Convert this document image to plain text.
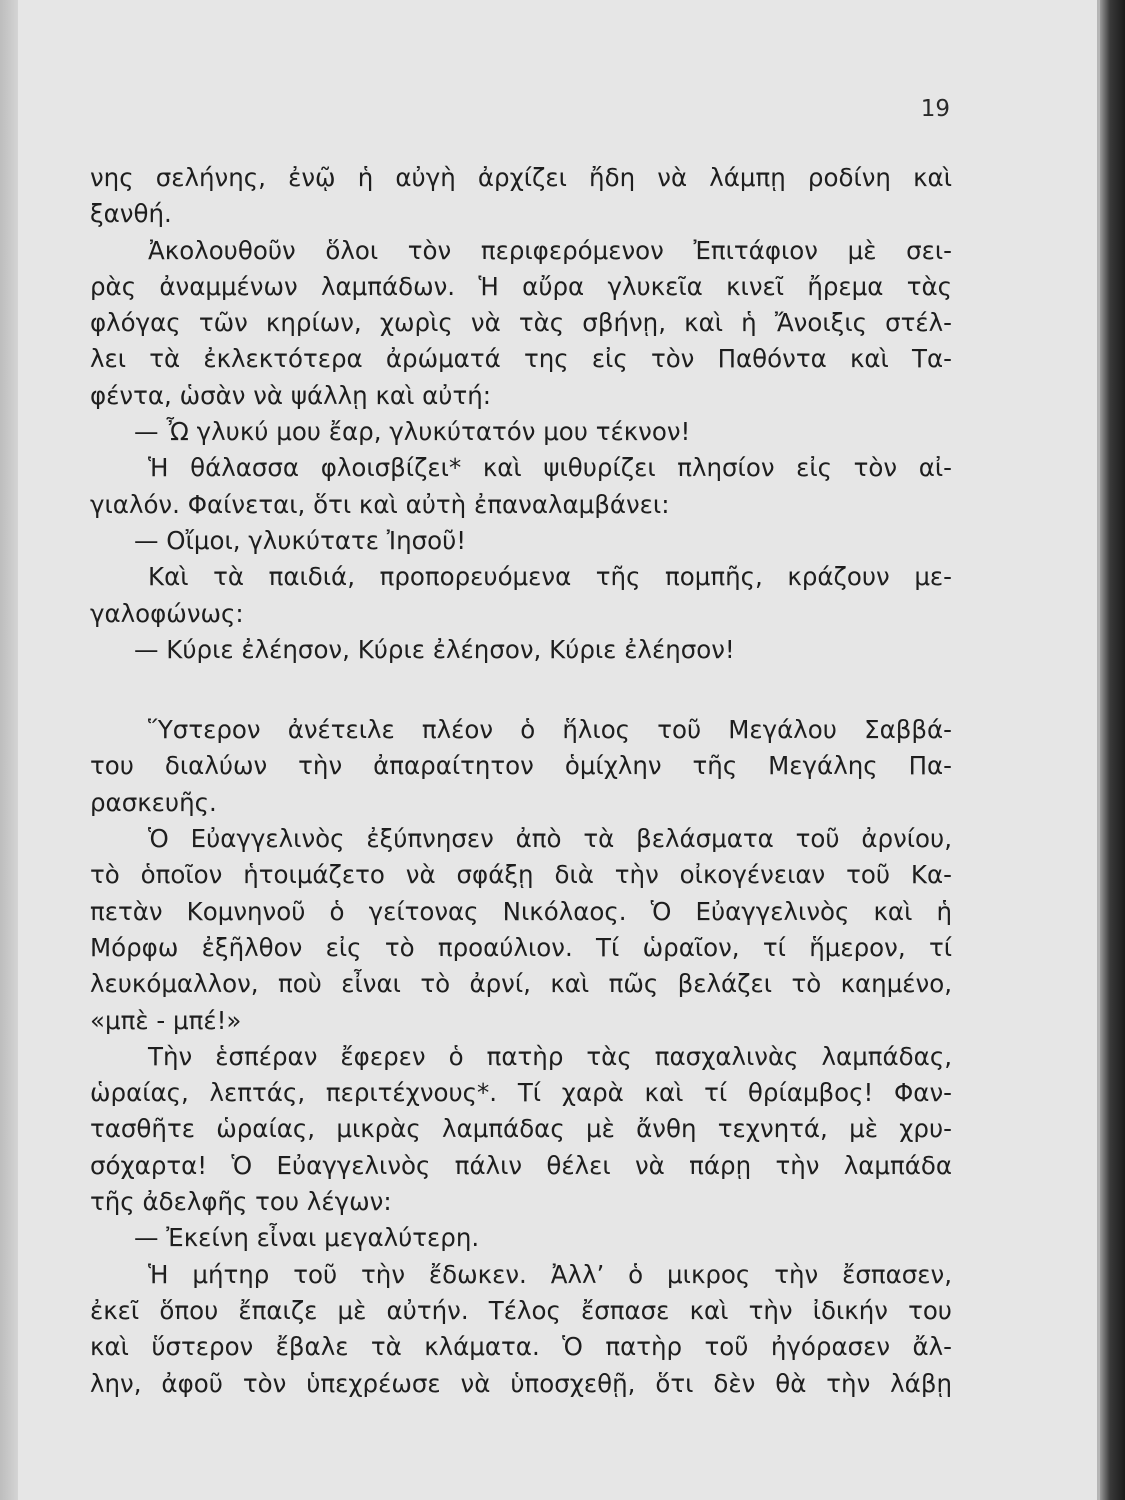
19
νης σελήνης, ἐνῷ ἡ αὐγὴ ἀρχίζει ἤδη νὰ λάμπῃ ροδίνη καὶ
ξανθή.
Ἀκολουθοῦν ὅλοι τὸν περιφερόμενον Ἐπιτάφιον μὲ σει-
ρὰς ἀναμμένων λαμπάδων. Ἡ αὔρα γλυκεῖα κινεῖ ἤρεμα τὰς
φλόγας τῶν κηρίων, χωρὶς νὰ τὰς σβήνῃ, καὶ ἡ Ἄνοιξις στέλ-
λει τὰ ἐκλεκτότερα ἀρώματά της εἰς τὸν Παθόντα καὶ Τα-
φέντα, ὡσὰν νὰ ψάλλῃ καὶ αὐτή:
— Ὦ γλυκύ μου ἔαρ, γλυκύτατόν μου τέκνον!
Ἡ θάλασσα φλοισβίζει* καὶ ψιθυρίζει πλησίον εἰς τὸν αἰ-
γιαλόν. Φαίνεται, ὅτι καὶ αὐτὴ ἐπαναλαμβάνει:
— Οἴμοι, γλυκύτατε Ἰησοῦ!
Καὶ τὰ παιδιά, προπορευόμενα τῆς πομπῆς, κράζουν με-
γαλοφώνως:
— Κύριε ἐλέησον, Κύριε ἐλέησον, Κύριε ἐλέησον!
Ὕστερον ἀνέτειλε πλέον ὁ ἥλιος τοῦ Μεγάλου Σαββά-
του διαλύων τὴν ἀπαραίτητον ὁμίχλην τῆς Μεγάλης Πα-
ρασκευῆς.
Ὁ Εὐαγγελινὸς ἐξύπνησεν ἀπὸ τὰ βελάσματα τοῦ ἀρνίου,
τὸ ὁποῖον ἡτοιμάζετο νὰ σφάξῃ διὰ τὴν οἰκογένειαν τοῦ Κα-
πετὰν Κομνηνοῦ ὁ γείτονας Νικόλαος. Ὁ Εὐαγγελινὸς καὶ ἡ
Μόρφω ἐξῆλθον εἰς τὸ προαύλιον. Τί ὡραῖον, τί ἥμερον, τί
λευκόμαλλον, ποὺ εἶναι τὸ ἀρνί, καὶ πῶς βελάζει τὸ καημένο,
«μπὲ - μπέ!»
Τὴν ἑσπέραν ἔφερεν ὁ πατὴρ τὰς πασχαλινὰς λαμπάδας,
ὡραίας, λεπτάς, περιτέχνους*. Τί χαρὰ καὶ τί θρίαμβος! Φαν-
τασθῆτε ὡραίας, μικρὰς λαμπάδας μὲ ἄνθη τεχνητά, μὲ χρυ-
σόχαρτα! Ὁ Εὐαγγελινὸς πάλιν θέλει νὰ πάρῃ τὴν λαμπάδα
τῆς ἀδελφῆς του λέγων:
— Ἐκείνη εἶναι μεγαλύτερη.
Ἡ μήτηρ τοῦ τὴν ἔδωκεν. Ἀλλ’ ὁ μικρος τὴν ἔσπασεν,
ἐκεῖ ὅπου ἔπαιζε μὲ αὐτήν. Τέλος ἔσπασε καὶ τὴν ἰδικήν του
καὶ ὕστερον ἔβαλε τὰ κλάματα. Ὁ πατὴρ τοῦ ἠγόρασεν ἄλ-
λην, ἀφοῦ τὸν ὑπεχρέωσε νὰ ὑποσχεθῇ, ὅτι δὲν θὰ τὴν λάβῃ
